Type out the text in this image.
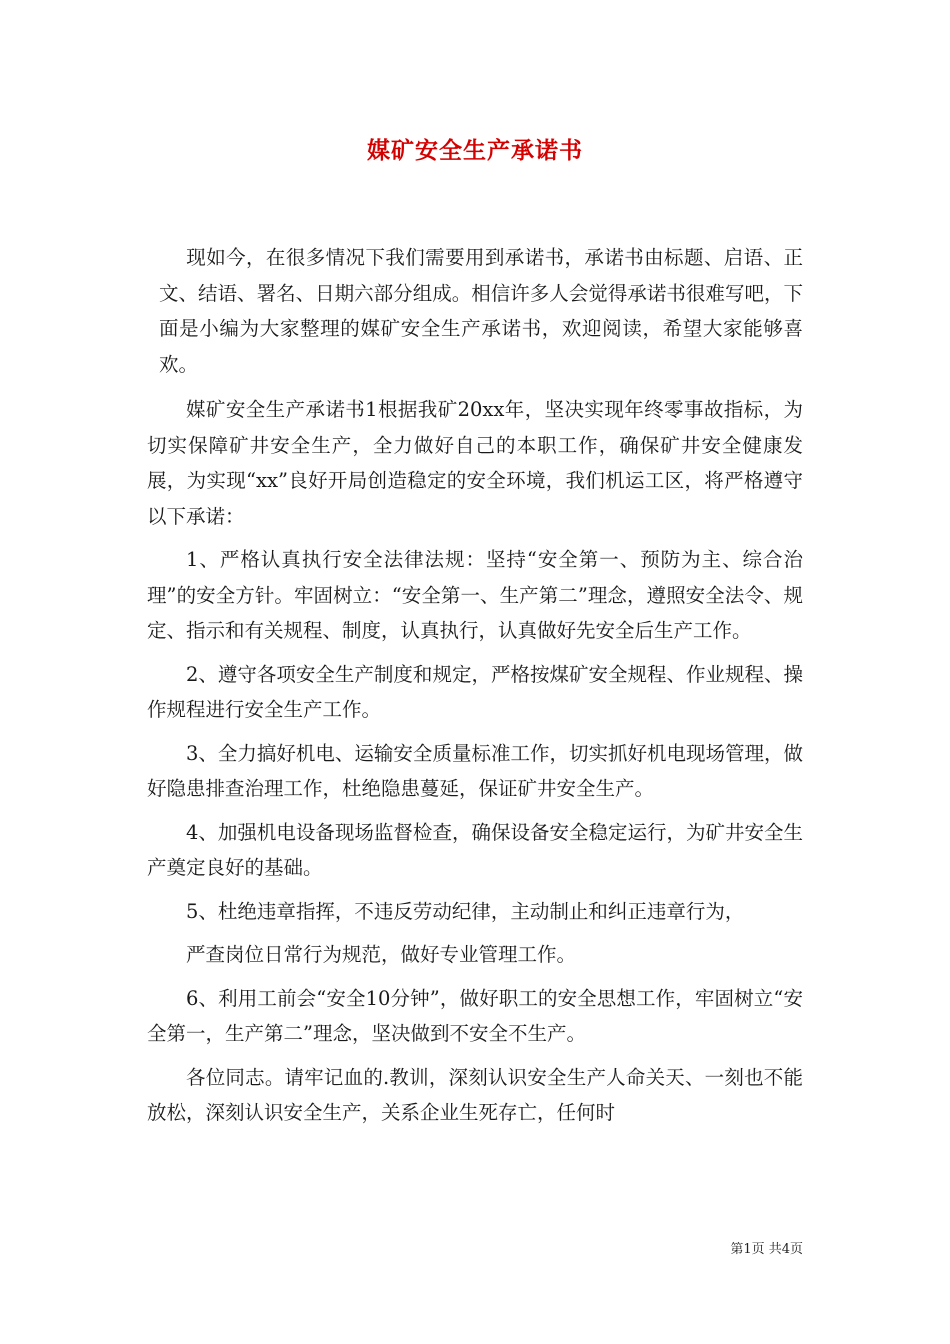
媒矿安全生产承诺书

现如今，在很多情况下我们需要用到承诺书，承诺书由标题、启语、正文、结语、署名、日期六部分组成。相信许多人会觉得承诺书很难写吧，下面是小编为大家整理的媒矿安全生产承诺书，欢迎阅读，希望大家能够喜欢。

媒矿安全生产承诺书1根据我矿20xx年，坚决实现年终零事故指标，为切实保障矿井安全生产，全力做好自己的本职工作，确保矿井安全健康发展，为实现“xx”良好开局创造稳定的安全环境，我们机运工区，将严格遵守以下承诺：

1、严格认真执行安全法律法规：坚持“安全第一、预防为主、综合治理”的安全方针。牢固树立：“安全第一、生产第二”理念，遵照安全法令、规定、指示和有关规程、制度，认真执行，认真做好先安全后生产工作。

2、遵守各项安全生产制度和规定，严格按煤矿安全规程、作业规程、操作规程进行安全生产工作。

3、全力搞好机电、运输安全质量标准工作，切实抓好机电现场管理，做好隐患排查治理工作，杜绝隐患蔓延，保证矿井安全生产。

4、加强机电设备现场监督检查，确保设备安全稳定运行，为矿井安全生产奠定良好的基础。

5、杜绝违章指挥，不违反劳动纪律，主动制止和纠正违章行为，

严查岗位日常行为规范，做好专业管理工作。

6、利用工前会“安全10分钟”，做好职工的安全思想工作，牢固树立“安全第一，生产第二”理念，坚决做到不安全不生产。

各位同志。请牢记血的.教训，深刻认识安全生产人命关天、一刻也不能放松，深刻认识安全生产，关系企业生死存亡，任何时

第1页 共4页
